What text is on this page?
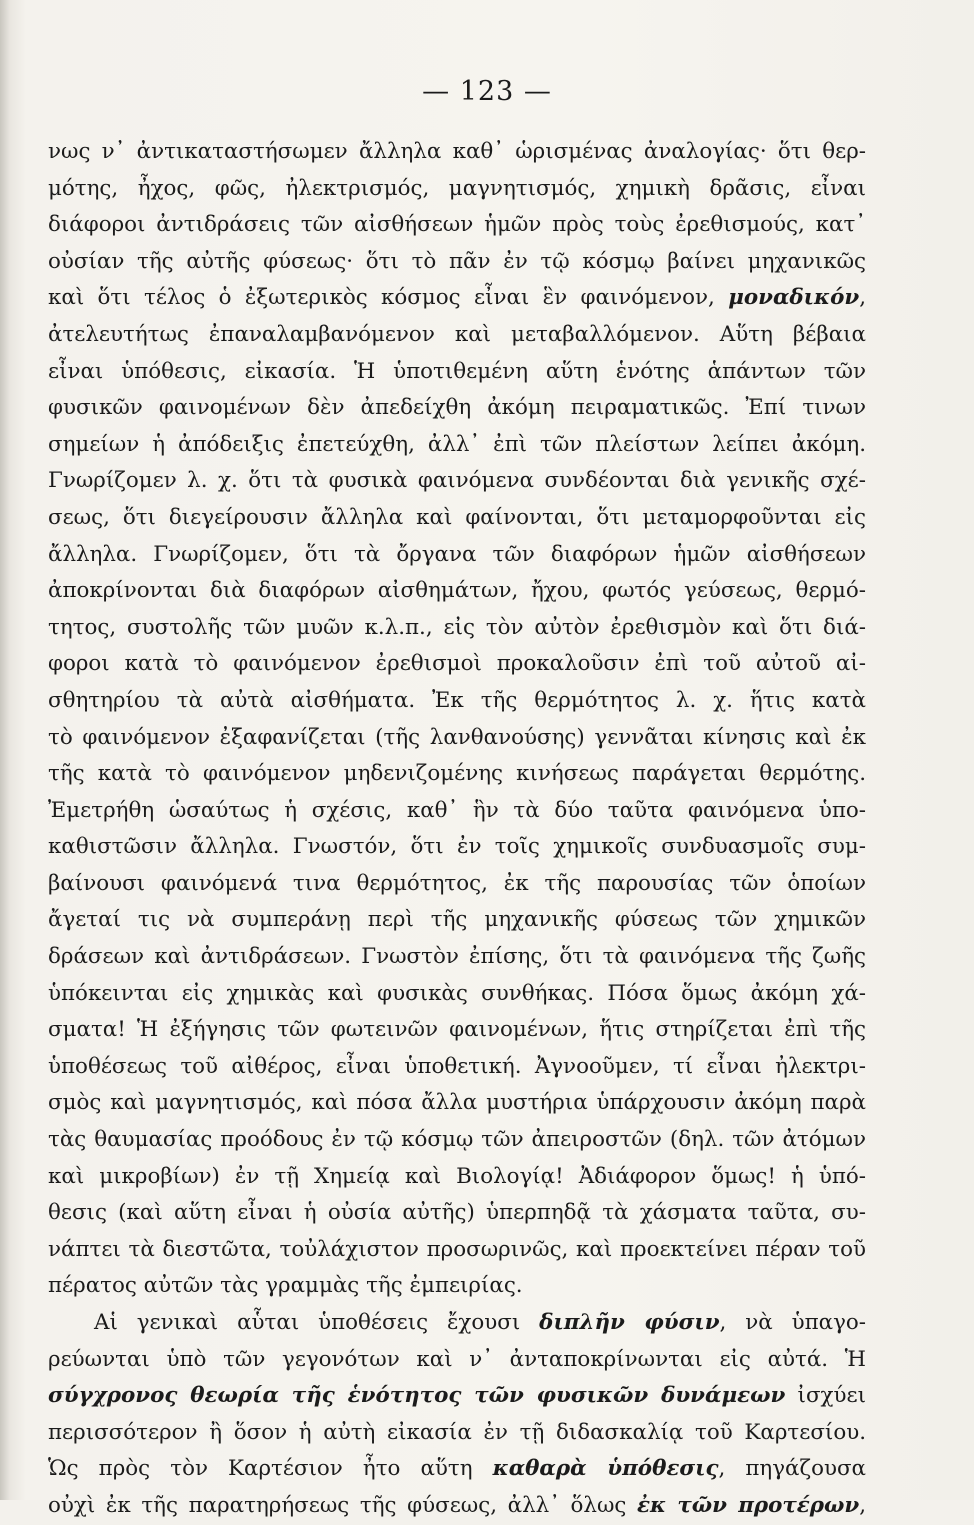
— 123 —
νως ν᾽ ἀντικαταστήσωμεν ἄλληλα καθ᾽ ὡρισμένας ἀναλογίας· ὅτι θερ-
μότης, ἦχος, φῶς, ἠλεκτρισμός, μαγνητισμός, χημικὴ δρᾶσις, εἶναι
διάφοροι ἀντιδράσεις τῶν αἰσθήσεων ἡμῶν πρὸς τοὺς ἐρεθισμούς, κατ᾽
οὐσίαν τῆς αὐτῆς φύσεως· ὅτι τὸ πᾶν ἐν τῷ κόσμῳ βαίνει μηχανικῶς
καὶ ὅτι τέλος ὁ ἐξωτερικὸς κόσμος εἶναι ἓν φαινόμενον, μοναδικόν,
ἀτελευτήτως ἐπαναλαμβανόμενον καὶ μεταβαλλόμενον. Αὕτη βέβαια
εἶναι ὑπόθεσις, εἰκασία. Ἡ ὑποτιθεμένη αὕτη ἑνότης ἁπάντων τῶν
φυσικῶν φαινομένων δὲν ἀπεδείχθη ἀκόμη πειραματικῶς. Ἐπί τινων
σημείων ἡ ἀπόδειξις ἐπετεύχθη, ἀλλ᾽ ἐπὶ τῶν πλείστων λείπει ἀκόμη.
Γνωρίζομεν λ. χ. ὅτι τὰ φυσικὰ φαινόμενα συνδέονται διὰ γενικῆς σχέ-
σεως, ὅτι διεγείρουσιν ἄλληλα καὶ φαίνονται, ὅτι μεταμορφοῦνται εἰς
ἄλληλα. Γνωρίζομεν, ὅτι τὰ ὄργανα τῶν διαφόρων ἡμῶν αἰσθήσεων
ἀποκρίνονται διὰ διαφόρων αἰσθημάτων, ἤχου, φωτός γεύσεως, θερμό-
τητος, συστολῆς τῶν μυῶν κ.λ.π., εἰς τὸν αὐτὸν ἐρεθισμὸν καὶ ὅτι διά-
φοροι κατὰ τὸ φαινόμενον ἐρεθισμοὶ προκαλοῦσιν ἐπὶ τοῦ αὐτοῦ αἰ-
σθητηρίου τὰ αὐτὰ αἰσθήματα. Ἐκ τῆς θερμότητος λ. χ. ἥτις κατὰ
τὸ φαινόμενον ἐξαφανίζεται (τῆς λανθανούσης) γεννᾶται κίνησις καὶ ἐκ
τῆς κατὰ τὸ φαινόμενον μηδενιζομένης κινήσεως παράγεται θερμότης.
Ἐμετρήθη ὡσαύτως ἡ σχέσις, καθ᾽ ἣν τὰ δύο ταῦτα φαινόμενα ὑπο-
καθιστῶσιν ἄλληλα. Γνωστόν, ὅτι ἐν τοῖς χημικοῖς συνδυασμοῖς συμ-
βαίνουσι φαινόμενά τινα θερμότητος, ἐκ τῆς παρουσίας τῶν ὁποίων
ἄγεταί τις νὰ συμπεράνῃ περὶ τῆς μηχανικῆς φύσεως τῶν χημικῶν
δράσεων καὶ ἀντιδράσεων. Γνωστὸν ἐπίσης, ὅτι τὰ φαινόμενα τῆς ζωῆς
ὑπόκεινται εἰς χημικὰς καὶ φυσικὰς συνθήκας. Πόσα ὅμως ἀκόμη χά-
σματα! Ἡ ἐξήγησις τῶν φωτεινῶν φαινομένων, ἥτις στηρίζεται ἐπὶ τῆς
ὑποθέσεως τοῦ αἰθέρος, εἶναι ὑποθετική. Ἀγνοοῦμεν, τί εἶναι ἠλεκτρι-
σμὸς καὶ μαγνητισμός, καὶ πόσα ἄλλα μυστήρια ὑπάρχουσιν ἀκόμη παρὰ
τὰς θαυμασίας προόδους ἐν τῷ κόσμῳ τῶν ἀπειροστῶν (δηλ. τῶν ἀτόμων
καὶ μικροβίων) ἐν τῇ Χημείᾳ καὶ Βιολογίᾳ! Ἀδιάφορον ὅμως! ἡ ὑπό-
θεσις (καὶ αὕτη εἶναι ἡ οὐσία αὐτῆς) ὑπερπηδᾷ τὰ χάσματα ταῦτα, συ-
νάπτει τὰ διεστῶτα, τοὐλάχιστον προσωρινῶς, καὶ προεκτείνει πέραν τοῦ
πέρατος αὐτῶν τὰς γραμμὰς τῆς ἐμπειρίας.
Αἱ γενικαὶ αὗται ὑποθέσεις ἔχουσι διπλῆν φύσιν, νὰ ὑπαγο-
ρεύωνται ὑπὸ τῶν γεγονότων καὶ ν᾽ ἀνταποκρίνωνται εἰς αὐτά. Ἡ
σύγχρονος θεωρία τῆς ἑνότητος τῶν φυσικῶν δυνάμεων ἰσχύει
περισσότερον ἢ ὅσον ἡ αὐτὴ εἰκασία ἐν τῇ διδασκαλίᾳ τοῦ Καρτεσίου.
Ὡς πρὸς τὸν Καρτέσιον ἦτο αὕτη καθαρὰ ὑπόθεσις, πηγάζουσα
οὐχὶ ἐκ τῆς παρατηρήσεως τῆς φύσεως, ἀλλ᾽ ὅλως ἐκ τῶν προτέρων,
